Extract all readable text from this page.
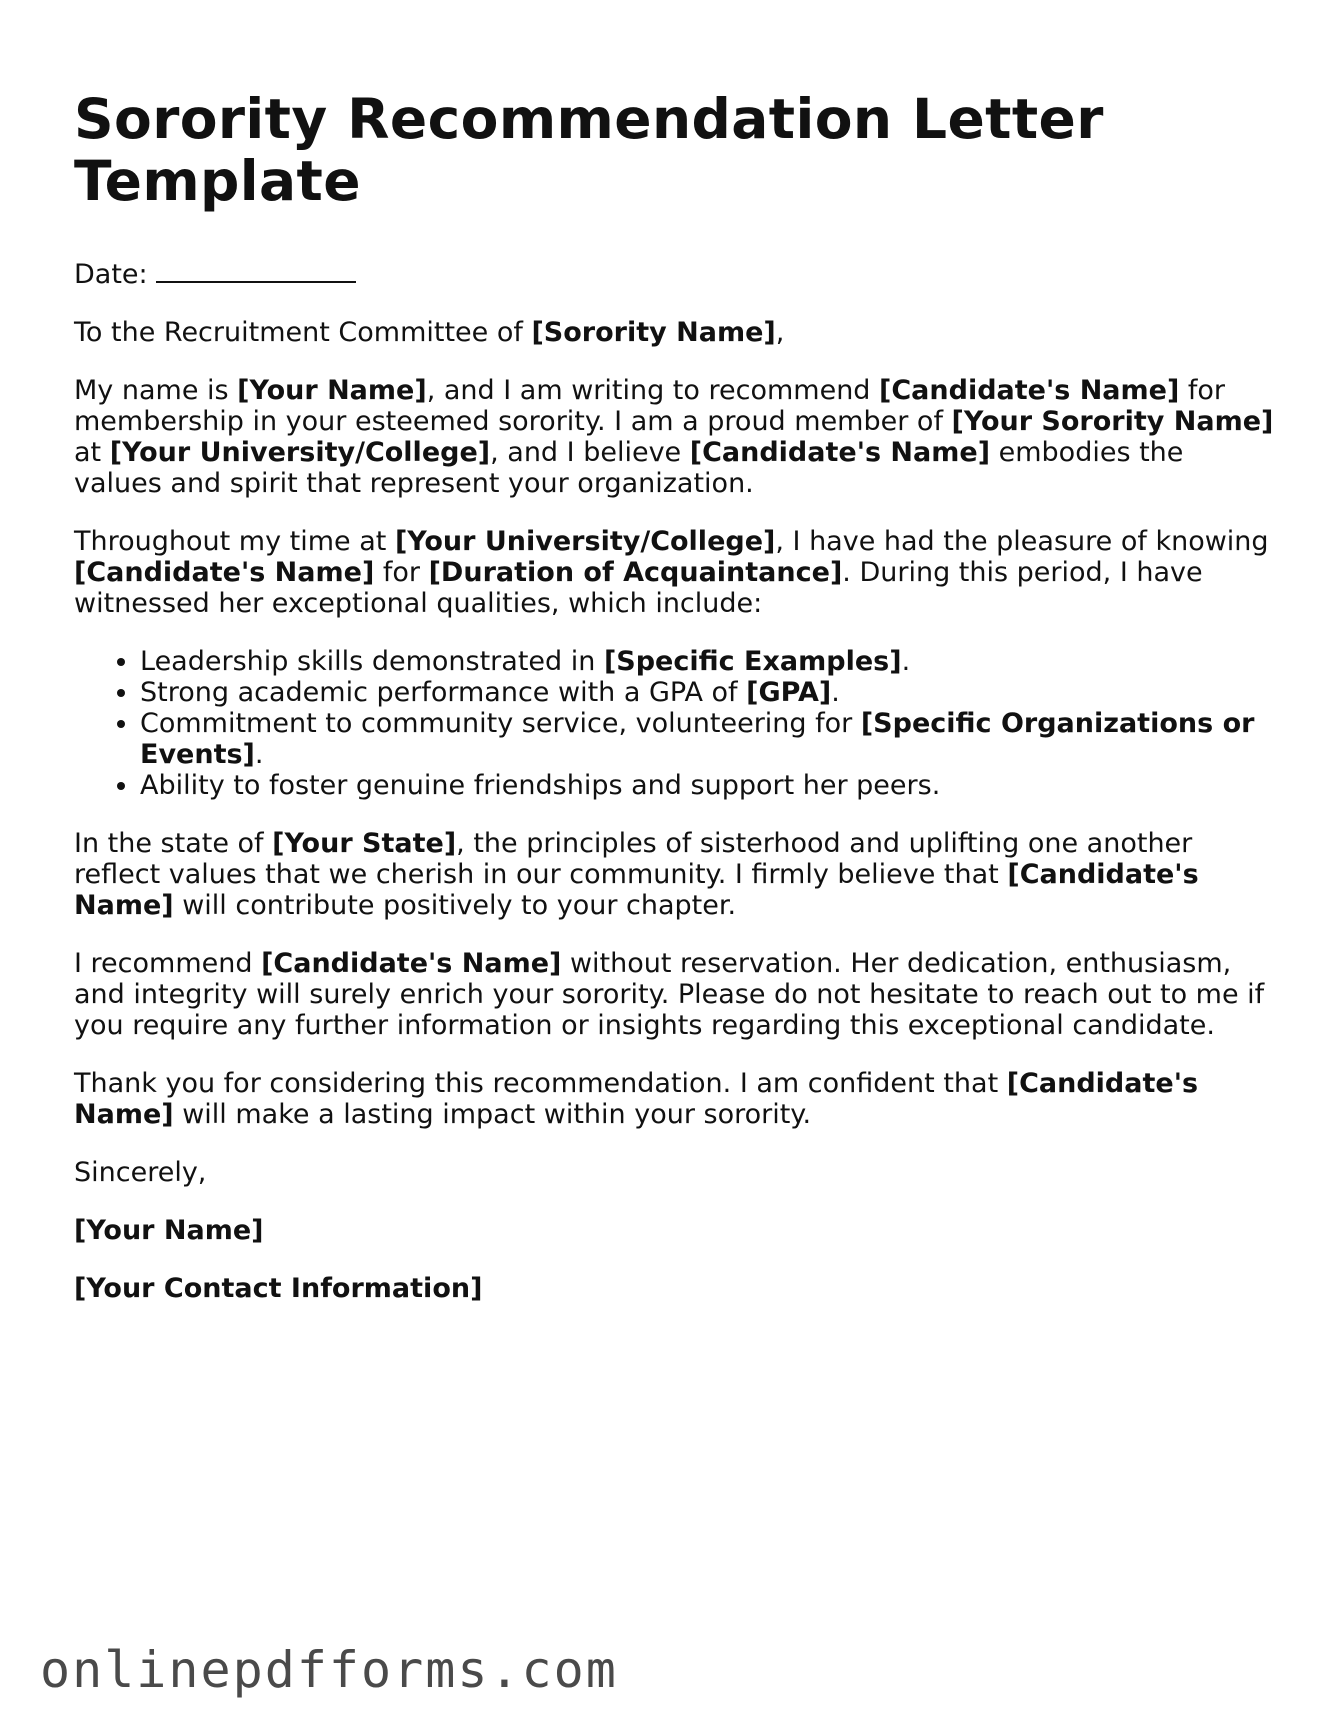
Sorority Recommendation Letter Template

Date:

To the Recruitment Committee of [Sorority Name],

My name is [Your Name], and I am writing to recommend [Candidate's Name] for membership in your esteemed sorority. I am a proud member of [Your Sorority Name] at [Your University/College], and I believe [Candidate's Name] embodies the values and spirit that represent your organization.

Throughout my time at [Your University/College], I have had the pleasure of knowing [Candidate's Name] for [Duration of Acquaintance]. During this period, I have witnessed her exceptional qualities, which include:

• Leadership skills demonstrated in [Specific Examples].
• Strong academic performance with a GPA of [GPA].
• Commitment to community service, volunteering for [Specific Organizations or Events].
• Ability to foster genuine friendships and support her peers.

In the state of [Your State], the principles of sisterhood and uplifting one another reflect values that we cherish in our community. I firmly believe that [Candidate's Name] will contribute positively to your chapter.

I recommend [Candidate's Name] without reservation. Her dedication, enthusiasm, and integrity will surely enrich your sorority. Please do not hesitate to reach out to me if you require any further information or insights regarding this exceptional candidate.

Thank you for considering this recommendation. I am confident that [Candidate's Name] will make a lasting impact within your sorority.

Sincerely,

[Your Name]

[Your Contact Information]

onlinepdfforms.com
